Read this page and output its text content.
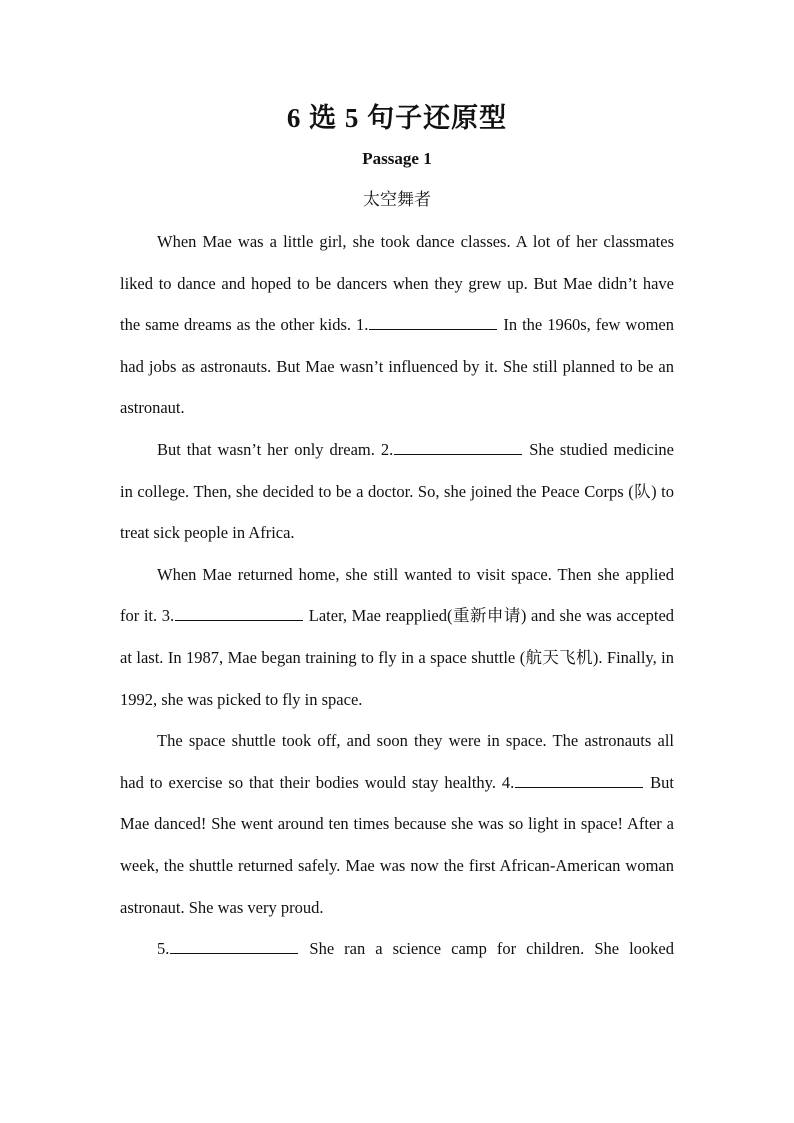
6 选 5 句子还原型
Passage 1
太空舞者

When Mae was a little girl, she took dance classes. A lot of her classmates liked to dance and hoped to be dancers when they grew up. But Mae didn’t have the same dreams as the other kids. 1.	In the 1960s, few women had jobs as astronauts. But Mae wasn’t influenced by it. She still planned to be an astronaut.

But that wasn’t her only dream. 2.	She studied medicine in college. Then, she decided to be a doctor. So, she joined the Peace Corps (队) to treat sick people in Africa.

When Mae returned home, she still wanted to visit space. Then she applied for it. 3.	Later, Mae reapplied(重新申请) and she was accepted at last. In 1987, Mae began training to fly in a space shuttle (航天飞机). Finally, in 1992, she was picked to fly in space.

The space shuttle took off, and soon they were in space. The astronauts all had to exercise so that their bodies would stay healthy. 4.	But Mae danced! She went around ten times because she was so light in space! After a week, the shuttle returned safely. Mae was now the first African-American woman astronaut. She was very proud.

5.	She ran a science camp for children. She looked
